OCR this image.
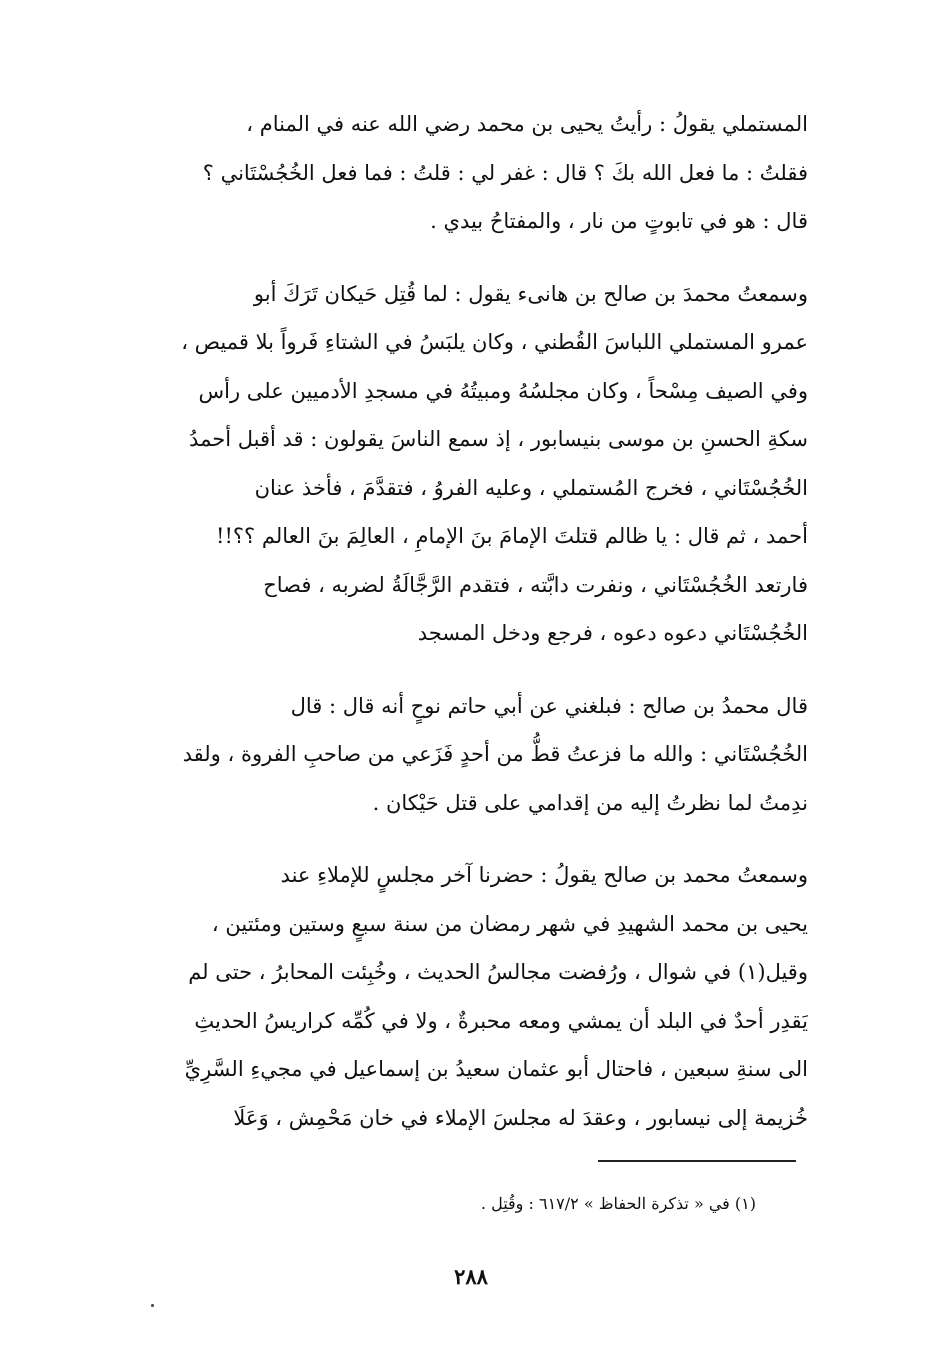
المستملي يقولُ : رأيتُ يحيى بن محمد رضي الله عنه في المنام ،
فقلتُ : ما فعل الله بكَ ؟ قال : غفر لي : قلتُ : فما فعل الخُجُسْتَاني ؟
قال : هو في تابوتٍ من نار ، والمفتاحُ بيدي .

وسمعتُ محمدَ بن صالح بن هانىء يقول : لما قُتِل حَيكان تَرَكَ أبو
عمرو المستملي اللباسَ القُطني ، وكان يلبَسُ في الشتاءِ فَرواً بلا قميص ،
وفي الصيف مِسْحاً ، وكان مجلسُهُ ومبيتُهُ في مسجدِ الأدميين على رأس
سكةِ الحسنِ بن موسى بنيسابور ، إذ سمع الناسَ يقولون : قد أقبل أحمدُ
الخُجُسْتَاني ، فخرج المُستملي ، وعليه الفروُ ، فتقدَّمَ ، فأخذ عنان
أحمد ، ثم قال : يا ظالم قتلتَ الإمامَ بنَ الإمامِ ، العالِمَ بنَ العالم ؟؟!!
فارتعد الخُجُسْتَاني ، ونفرت دابَّته ، فتقدم الرَّجَّالَةُ لضربه ، فصاح
الخُجُسْتَاني دعوه دعوه ، فرجع ودخل المسجد

قال محمدُ بن صالح : فبلغني عن أبي حاتم نوحٍ أنه قال : قال
الخُجُسْتَاني : والله ما فزعتُ قطُّ من أحدٍ فَزَعي من صاحبِ الفروة ، ولقد
ندِمتُ لما نظرتُ إليه من إقدامي على قتل حَيْكان .

وسمعتُ محمد بن صالح يقولُ : حضرنا آخر مجلسٍ للإملاءِ عند
يحيى بن محمد الشهيدِ في شهر رمضان من سنة سبعٍ وستين ومئتين ،
وقيل(١) في شوال ، ورُفضت مجالسُ الحديث ، وخُبِئت المحابرُ ، حتى لم
يَقدِر أحدٌ في البلد أن يمشي ومعه محبرةٌ ، ولا في كُمِّه كراريسُ الحديثِ
الى سنةِ سبعين ، فاحتال أبو عثمان سعيدُ بن إسماعيل في مجيءِ السَّرِيِّ
خُزيمة إلى نيسابور ، وعقدَ له مجلسَ الإملاء في خان مَحْمِش ، وَعَلَا

(١) في « تذكرة الحفاظ » ٦١٧/٢ : وقُتِل .
٢٨٨
